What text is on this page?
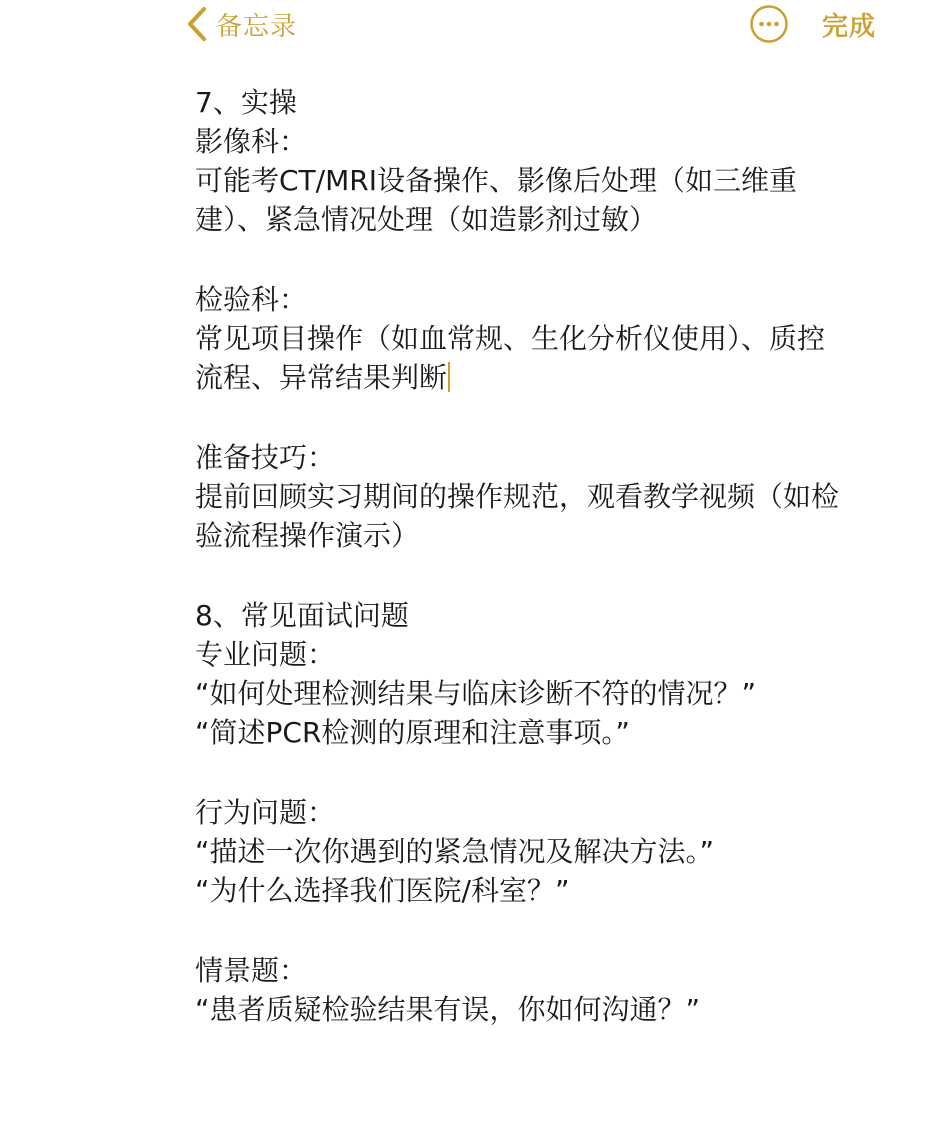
备忘录	完成
7、实操
影像科：
可能考CT/MRI设备操作、影像后处理（如三维重
建）、紧急情况处理（如造影剂过敏）
检验科：
常见项目操作（如血常规、生化分析仪使用）、质控
流程、异常结果判断
准备技巧：
提前回顾实习期间的操作规范，观看教学视频（如检
验流程操作演示）
8、常见面试问题
专业问题：
“如何处理检测结果与临床诊断不符的情况？”
“简述PCR检测的原理和注意事项。”
行为问题：
“描述一次你遇到的紧急情况及解决方法。”
“为什么选择我们医院/科室？”
情景题：
“患者质疑检验结果有误，你如何沟通？”
